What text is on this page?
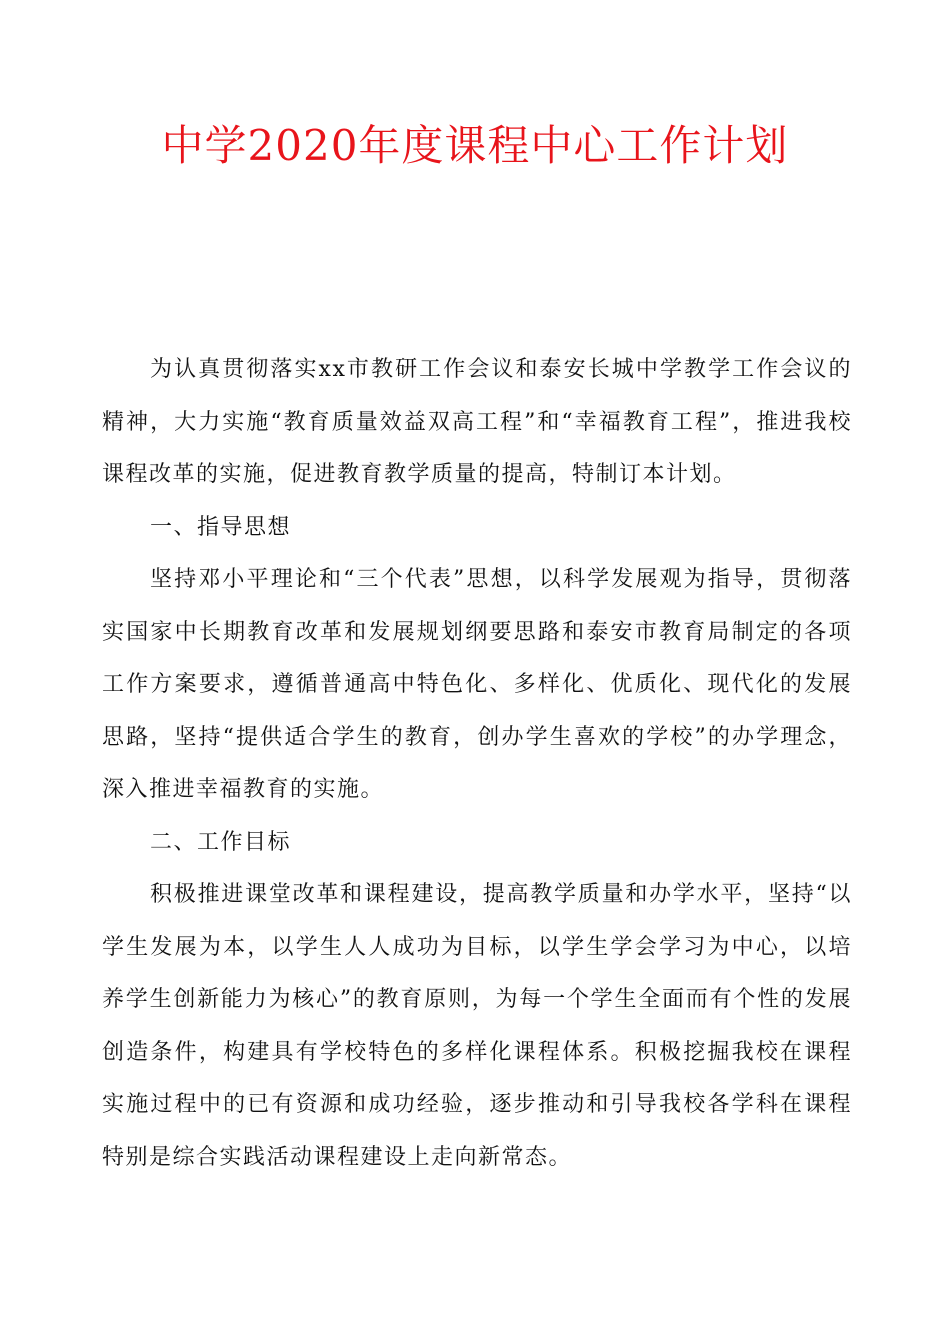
中学2020年度课程中心工作计划

为认真贯彻落实xx市教研工作会议和泰安长城中学教学工作会议的精神，大力实施“教育质量效益双高工程”和“幸福教育工程”，推进我校课程改革的实施，促进教育教学质量的提高，特制订本计划。

一、指导思想

坚持邓小平理论和“三个代表”思想，以科学发展观为指导，贯彻落实国家中长期教育改革和发展规划纲要思路和泰安市教育局制定的各项工作方案要求，遵循普通高中特色化、多样化、优质化、现代化的发展思路，坚持“提供适合学生的教育，创办学生喜欢的学校”的办学理念，深入推进幸福教育的实施。

二、工作目标

积极推进课堂改革和课程建设，提高教学质量和办学水平，坚持“以学生发展为本，以学生人人成功为目标，以学生学会学习为中心，以培养学生创新能力为核心”的教育原则，为每一个学生全面而有个性的发展创造条件，构建具有学校特色的多样化课程体系。积极挖掘我校在课程实施过程中的已有资源和成功经验，逐步推动和引导我校各学科在课程特别是综合实践活动课程建设上走向新常态。
